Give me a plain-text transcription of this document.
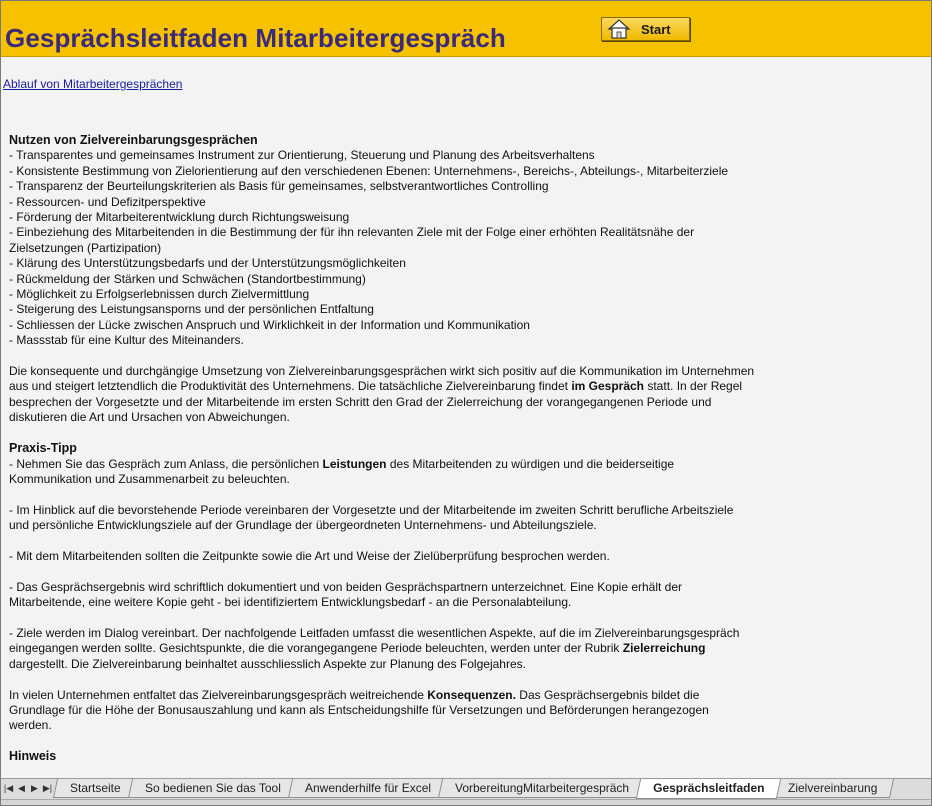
Gesprächsleitfaden Mitarbeitergespräch	Start
Ablauf von Mitarbeitergesprächen
Nutzen von Zielvereinbarungsgesprächen
- Transparentes und gemeinsames Instrument zur Orientierung, Steuerung und Planung des Arbeitsverhaltens
- Konsistente Bestimmung von Zielorientierung auf den verschiedenen Ebenen: Unternehmens-, Bereichs-, Abteilungs-, Mitarbeiterziele
- Transparenz der Beurteilungskriterien als Basis für gemeinsames, selbstverantwortliches Controlling
- Ressourcen- und Defizitperspektive
- Förderung der Mitarbeiterentwicklung durch Richtungsweisung
- Einbeziehung des Mitarbeitenden in die Bestimmung der für ihn relevanten Ziele mit der Folge einer erhöhten Realitätsnähe der
Zielsetzungen (Partizipation)
- Klärung des Unterstützungsbedarfs und der Unterstützungsmöglichkeiten
- Rückmeldung der Stärken und Schwächen (Standortbestimmung)
- Möglichkeit zu Erfolgserlebnissen durch Zielvermittlung
- Steigerung des Leistungsansporns und der persönlichen Entfaltung
- Schliessen der Lücke zwischen Anspruch und Wirklichkeit in der Information und Kommunikation
- Massstab für eine Kultur des Miteinanders.
Die konsequente und durchgängige Umsetzung von Zielvereinbarungsgesprächen wirkt sich positiv auf die Kommunikation im Unternehmen
aus und steigert letztendlich die Produktivität des Unternehmens. Die tatsächliche Zielvereinbarung findet im Gespräch statt. In der Regel
besprechen der Vorgesetzte und der Mitarbeitende im ersten Schritt den Grad der Zielerreichung der vorangegangenen Periode und
diskutieren die Art und Ursachen von Abweichungen.
Praxis-Tipp
- Nehmen Sie das Gespräch zum Anlass, die persönlichen Leistungen des Mitarbeitenden zu würdigen und die beiderseitige
Kommunikation und Zusammenarbeit zu beleuchten.
- Im Hinblick auf die bevorstehende Periode vereinbaren der Vorgesetzte und der Mitarbeitende im zweiten Schritt berufliche Arbeitsziele
und persönliche Entwicklungsziele auf der Grundlage der übergeordneten Unternehmens- und Abteilungsziele.
- Mit dem Mitarbeitenden sollten die Zeitpunkte sowie die Art und Weise der Zielüberprüfung besprochen werden.
- Das Gesprächsergebnis wird schriftlich dokumentiert und von beiden Gesprächspartnern unterzeichnet. Eine Kopie erhält der
Mitarbeitende, eine weitere Kopie geht - bei identifiziertem Entwicklungsbedarf - an die Personalabteilung.
- Ziele werden im Dialog vereinbart. Der nachfolgende Leitfaden umfasst die wesentlichen Aspekte, auf die im Zielvereinbarungsgespräch
eingegangen werden sollte. Gesichtspunkte, die die vorangegangene Periode beleuchten, werden unter der Rubrik Zielerreichung
dargestellt. Die Zielvereinbarung beinhaltet ausschliesslich Aspekte zur Planung des Folgejahres.
In vielen Unternehmen entfaltet das Zielvereinbarungsgespräch weitreichende Konsequenzen. Das Gesprächsergebnis bildet die
Grundlage für die Höhe der Bonusauszahlung und kann als Entscheidungshilfe für Versetzungen und Beförderungen herangezogen
werden.
Hinweis
|◀ ◀ ▶ ▶|	Startseite	So bedienen Sie das Tool	Anwenderhilfe für Excel	VorbereitungMitarbeitergespräch	Gesprächsleitfaden	Zielvereinbarung
